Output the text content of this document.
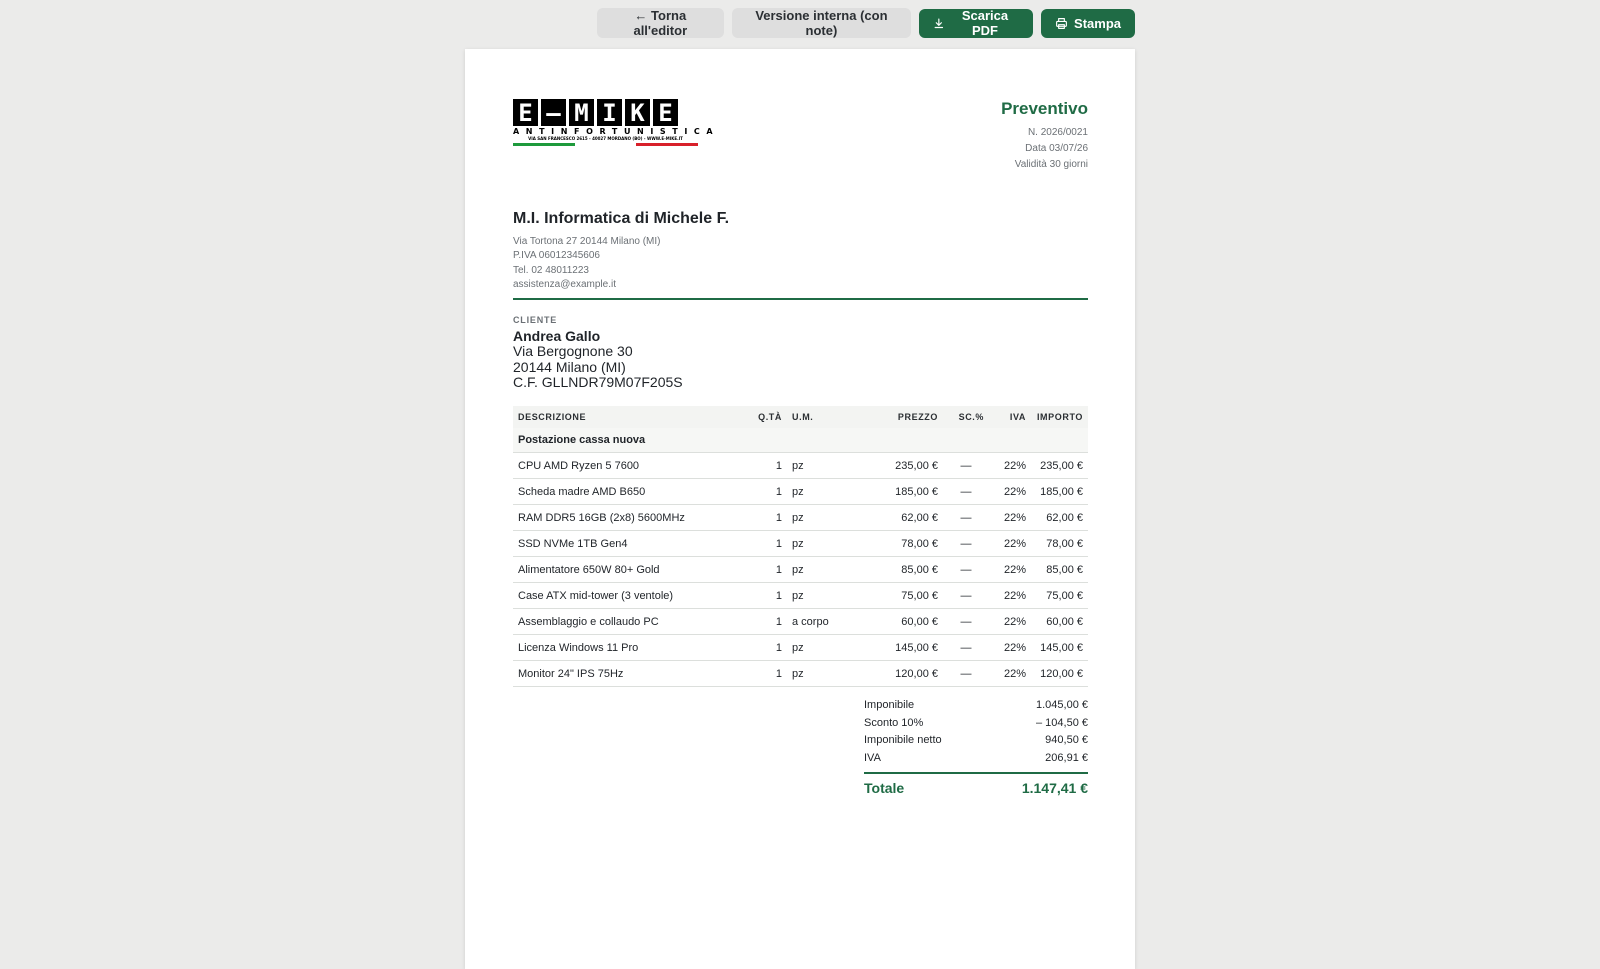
← Torna all'editor
Versione interna (con note)
Scarica PDF	Stampa
E – M I K E
ANTINFORTUNISTICA
VIA SAN FRANCESCO 2615 - 40027 MORDANO (BO) - WWW.E-MIKE.IT
M.I. Informatica di Michele F.
Via Tortona 27 20144 Milano (MI)
P.IVA 06012345606
Tel. 02 48011223
assistenza@example.it
Preventivo
N. 2026/0021
Data 03/07/26
Validità 30 giorni
CLIENTE
Andrea Gallo
Via Bergognone 30
20144 Milano (MI)
C.F. GLLNDR79M07F205S
DESCRIZIONE	Q.TÀ	U.M.	PREZZO	SC.%	IVA	IMPORTO
Postazione cassa nuova						
CPU AMD Ryzen 5 7600	1	pz	235,00 €	—	22%	235,00 €
Scheda madre AMD B650	1	pz	185,00 €	—	22%	185,00 €
RAM DDR5 16GB (2x8) 5600MHz	1	pz	62,00 €	—	22%	62,00 €
SSD NVMe 1TB Gen4	1	pz	78,00 €	—	22%	78,00 €
Alimentatore 650W 80+ Gold	1	pz	85,00 €	—	22%	85,00 €
Case ATX mid-tower (3 ventole)	1	pz	75,00 €	—	22%	75,00 €
Assemblaggio e collaudo PC	1	a corpo	60,00 €	—	22%	60,00 €
Licenza Windows 11 Pro	1	pz	145,00 €	—	22%	145,00 €
Monitor 24" IPS 75Hz	1	pz	120,00 €	—	22%	120,00 €
Imponibile	1.045,00 €
Sconto 10%	– 104,50 €
Imponibile netto	940,50 €
IVA	206,91 €
Totale	1.147,41 €
